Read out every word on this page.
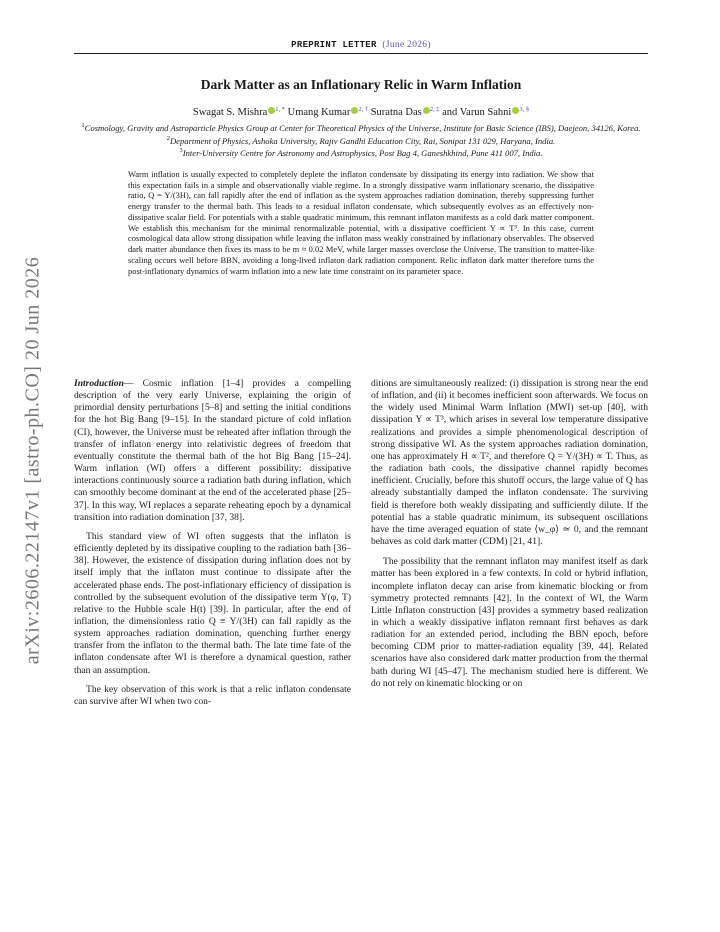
arXiv:2606.22147v1 [astro-ph.CO] 20 Jun 2026
PREPRINT LETTER (June 2026)
Dark Matter as an Inflationary Relic in Warm Inflation
Swagat S. Mishra $^{1, *}$ Umang Kumar $^{2, \dagger}$ Suratna Das $^{2, \ddagger}$ and Varun Sahni $^{3, \S}$
$^1$Cosmology, Gravity and Astroparticle Physics Group at Center for Theoretical Physics of the Universe, Institute for Basic Science (IBS), Daejeon, 34126, Korea.
$^2$Department of Physics, Ashoka University, Rajiv Gandhi Education City, Rai, Sonipat 131 029, Haryana, India.
$^3$Inter-University Centre for Astronomy and Astrophysics, Post Bag 4, Ganeshkhind, Pune 411 007, India.

Warm inflation is usually expected to completely deplete the inflaton condensate by dissipating its energy into radiation. We show that this expectation fails in a simple and observationally viable regime. In a strongly dissipative warm inflationary scenario, the dissipative ratio, Q = Υ/(3H), can fall rapidly after the end of inflation as the system approaches radiation domination, thereby suppressing further energy transfer to the thermal bath. This leads to a residual inflaton condensate, which subsequently evolves as an effectively non-dissipative scalar field. For potentials with a stable quadratic minimum, this remnant inflaton manifests as a cold dark matter component. We establish this mechanism for the minimal renormalizable potential, with a dissipative coefficient Υ ∝ T³. In this case, current cosmological data allow strong dissipation while leaving the inflaton mass weakly constrained by inflationary observables. The observed dark matter abundance then fixes its mass to be m ≈ 0.02 MeV, while larger masses overclose the Universe. The transition to matter-like scaling occurs well before BBN, avoiding a long-lived inflaton dark radiation component. Relic inflaton dark matter therefore turns the post-inflationary dynamics of warm inflation into a new late time constraint on its parameter space.

Introduction— Cosmic inflation [1–4] provides a compelling description of the very early Universe, explaining the origin of primordial density perturbations [5–8] and setting the initial conditions for the hot Big Bang [9–15]. In the standard picture of cold inflation (CI), however, the Universe must be reheated after inflation through the transfer of inflaton energy into relativistic degrees of freedom that eventually constitute the thermal bath of the hot Big Bang [15–24]. Warm inflation (WI) offers a different possibility: dissipative interactions continuously source a radiation bath during inflation, which can smoothly become dominant at the end of the accelerated phase [25–37]. In this way, WI replaces a separate reheating epoch by a dynamical transition into radiation domination [37, 38].

This standard view of WI often suggests that the inflaton is efficiently depleted by its dissipative coupling to the radiation bath [36–38]. However, the existence of dissipation during inflation does not by itself imply that the inflaton must continue to dissipate after the accelerated phase ends. The post-inflationary efficiency of dissipation is controlled by the subsequent evolution of the dissipative term Υ(φ, T) relative to the Hubble scale H(t) [39]. In particular, after the end of inflation, the dimensionless ratio Q ≡ Υ/(3H) can fall rapidly as the system approaches radiation domination, quenching further energy transfer from the inflaton to the thermal bath. The late time fate of the inflaton condensate after WI is therefore a dynamical question, rather than an assumption.

The key observation of this work is that a relic inflaton condensate can survive after WI when two con-

ditions are simultaneously realized: (i) dissipation is strong near the end of inflation, and (ii) it becomes inefficient soon afterwards. We focus on the widely used Minimal Warm Inflation (MWI) set-up [40], with dissipation Υ ∝ T³, which arises in several low temperature dissipative realizations and provides a simple phenomenological description of strong dissipative WI. As the system approaches radiation domination, one has approximately H ∝ T², and therefore Q = Υ/(3H) ∝ T. Thus, as the radiation bath cools, the dissipative channel rapidly becomes inefficient. Crucially, before this shutoff occurs, the large value of Q has already substantially damped the inflaton condensate. The surviving field is therefore both weakly dissipating and sufficiently dilute. If the potential has a stable quadratic minimum, its subsequent oscillations have the time averaged equation of state ⟨w_φ⟩ ≃ 0, and the remnant behaves as cold dark matter (CDM) [21, 41].

The possibility that the remnant inflaton may manifest itself as dark matter has been explored in a few contexts. In cold or hybrid inflation, incomplete inflaton decay can arise from kinematic blocking or from symmetry protected remnants [42]. In the context of WI, the Warm Little Inflaton construction [43] provides a symmetry based realization in which a weakly dissipative inflaton remnant first behaves as dark radiation for an extended period, including the BBN epoch, before becoming CDM prior to matter-radiation equality [39, 44]. Related scenarios have also considered dark matter production from the thermal bath during WI [45–47]. The mechanism studied here is different. We do not rely on kinematic blocking or on
